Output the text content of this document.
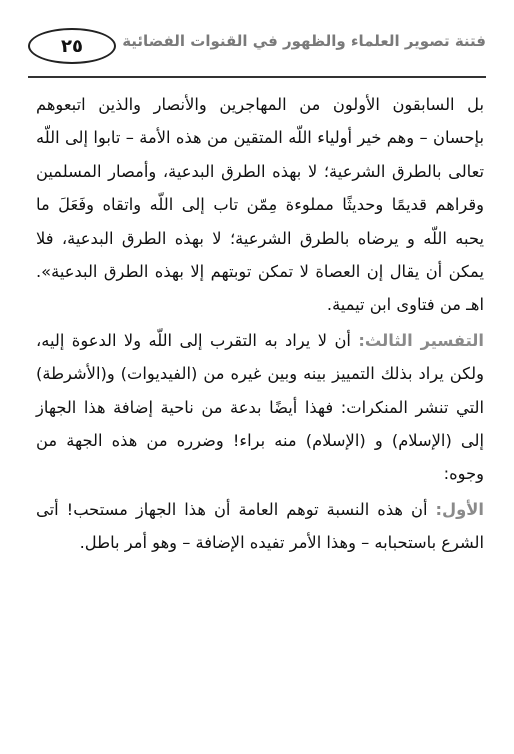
٢٥	فتنة تصوير العلماء والظهور في القنوات الفضائية

بل السابقون الأولون من المهاجرين والأنصار والذين اتبعوهم بإحسان – وهم خير أولياء اللّه المتقين من هذه الأمة – تابوا إلى اللّه تعالى بالطرق الشرعية؛ لا بهذه الطرق البدعية، وأمصار المسلمين وقراهم قديمًا وحديثًا مملوءة مِمّن تاب إلى اللّه واتقاه وفَعَلَ ما يحبه اللّه و يرضاه بالطرق الشرعية؛ لا بهذه الطرق البدعية، فلا يمكن أن يقال إن العصاة لا تمكن توبتهم إلا بهذه الطرق البدعية». اهـ من فتاوى ابن تيمية.

التفسير الثالث: أن لا يراد به التقرب إلى اللّه ولا الدعوة إليه، ولكن يراد بذلك التمييز بينه وبين غيره من (الفيديوات) و(الأشرطة) التي تنشر المنكرات: فهذا أيضًا بدعة من ناحية إضافة هذا الجهاز إلى (الإسلام) و (الإسلام) منه براء! وضرره من هذه الجهة من وجوه:

الأول: أن هذه النسبة توهم العامة أن هذا الجهاز مستحب! أتى الشرع باستحبابه – وهذا الأمر تفيده الإضافة – وهو أمر باطل.
